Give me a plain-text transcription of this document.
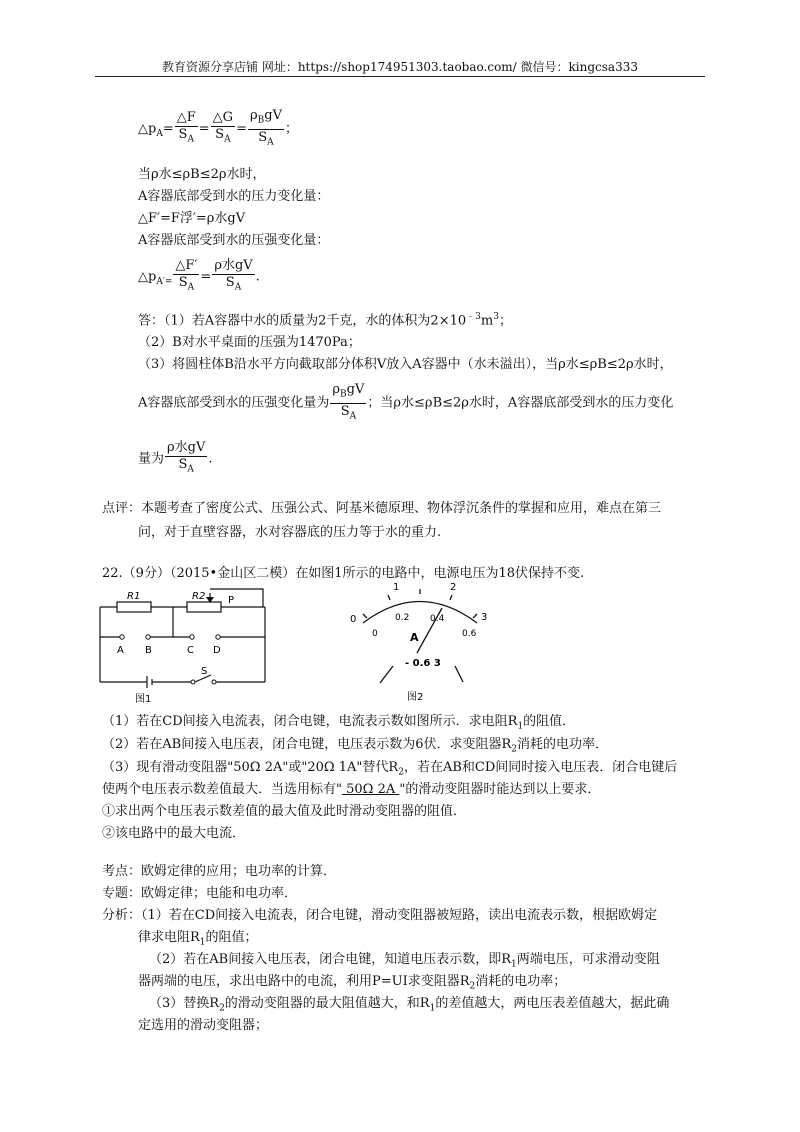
教育资源分享店铺 网址：https://shop174951303.taobao.com/ 微信号：kingcsa333
$\triangle p_A= \frac{\triangle F}{S_A} = \frac{\triangle G}{S_A} = \frac{\rho_BgV}{S_A}$ ；
当ρ水≤ρB≤2ρ水时，
A容器底部受到水的压力变化量：
△F′=F浮′=ρ水gV
A容器底部受到水的压强变化量：
$\triangle p_{A'=} \frac{\triangle F'}{S_A} = \frac{\text{ρ水gV}}{S_A}$ .
答：（1）若A容器中水的质量为2千克，水的体积为$2\times 10^{﹣3}m^3$；
（2）B对水平桌面的压强为1470Pa；
（3）将圆柱体B沿水平方向截取部分体积V放入A容器中（水未溢出），当ρ水≤ρB≤2ρ水时，
A容器底部受到水的压强变化量为 $\frac{\rho_BgV}{S_A}$ ；当ρ水≤ρB≤2ρ水时，A容器底部受到水的压力变化
量为 $\frac{\text{ρ水gV}}{S_A}$ .
点评：本题考查了密度公式、压强公式、阿基米德原理、物体浮沉条件的掌握和应用，难点在第三
问，对于直壁容器，水对容器底的压力等于水的重力.
22.（9分）（2015•金山区二模）在如图1所示的电路中，电源电压为18伏保持不变.
R1	R2 P
A B	C D
S
图1
1	2
0	3
0
0.2 0.4
0.6
A
- 0.6 3
图2
（1）若在CD间接入电流表，闭合电键，电流表示数如图所示．求电阻$R_1$的阻值．
（2）若在AB间接入电压表，闭合电键，电压表示数为6伏．求变阻器$R_2$消耗的电功率．
（3）现有滑动变阻器"50Ω 2A"或"20Ω 1A"替代$R_2$，若在AB和CD间同时接入电压表．闭合电键后
使两个电压表示数差值最大．当选用标有" 50Ω 2A "的滑动变阻器时能达到以上要求．
①求出两个电压表示数差值的最大值及此时滑动变阻器的阻值．
②该电路中的最大电流．
考点：欧姆定律的应用；电功率的计算．
专题：欧姆定律；电能和电功率．
分析：（1）若在CD间接入电流表，闭合电键，滑动变阻器被短路，读出电流表示数，根据欧姆定
律求电阻$R_1$的阻值；
（2）若在AB间接入电压表，闭合电键，知道电压表示数，即$R_1$两端电压，可求滑动变阻
器两端的电压，求出电路中的电流，利用P=UI求变阻器$R_2$消耗的电功率；
（3）替换$R_2$的滑动变阻器的最大阻值越大，和$R_1$的差值越大，两电压表差值越大，据此确
定选用的滑动变阻器；
